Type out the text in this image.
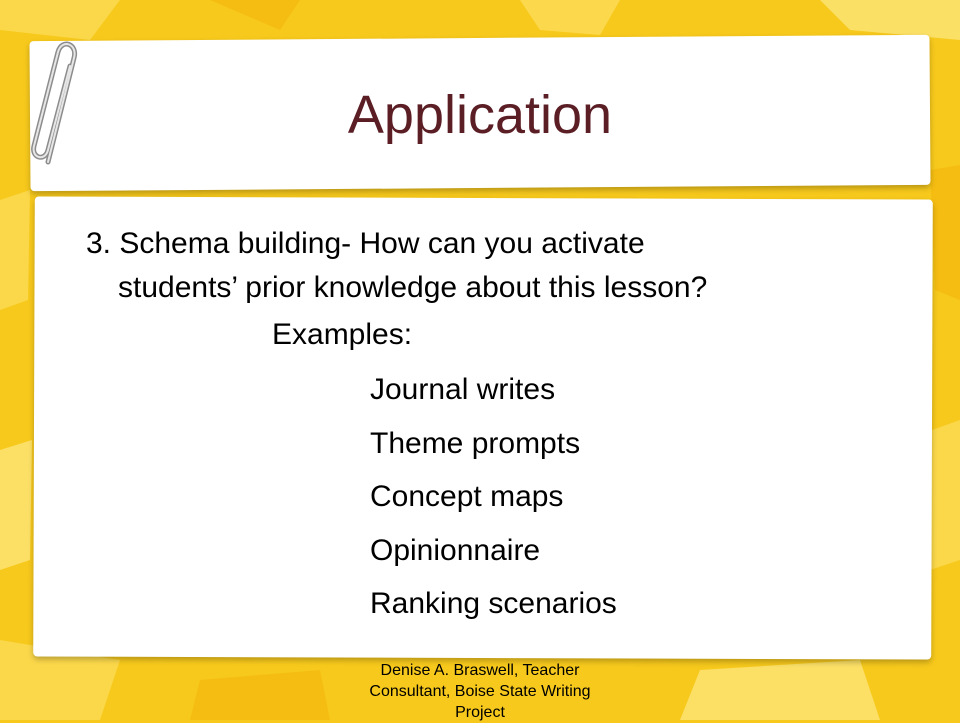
Application
3. Schema building- How can you activate
students’ prior knowledge about this lesson?
Examples:
Journal writes
Theme prompts
Concept maps
Opinionnaire
Ranking scenarios
Denise A. Braswell, Teacher
Consultant, Boise State Writing
Project
